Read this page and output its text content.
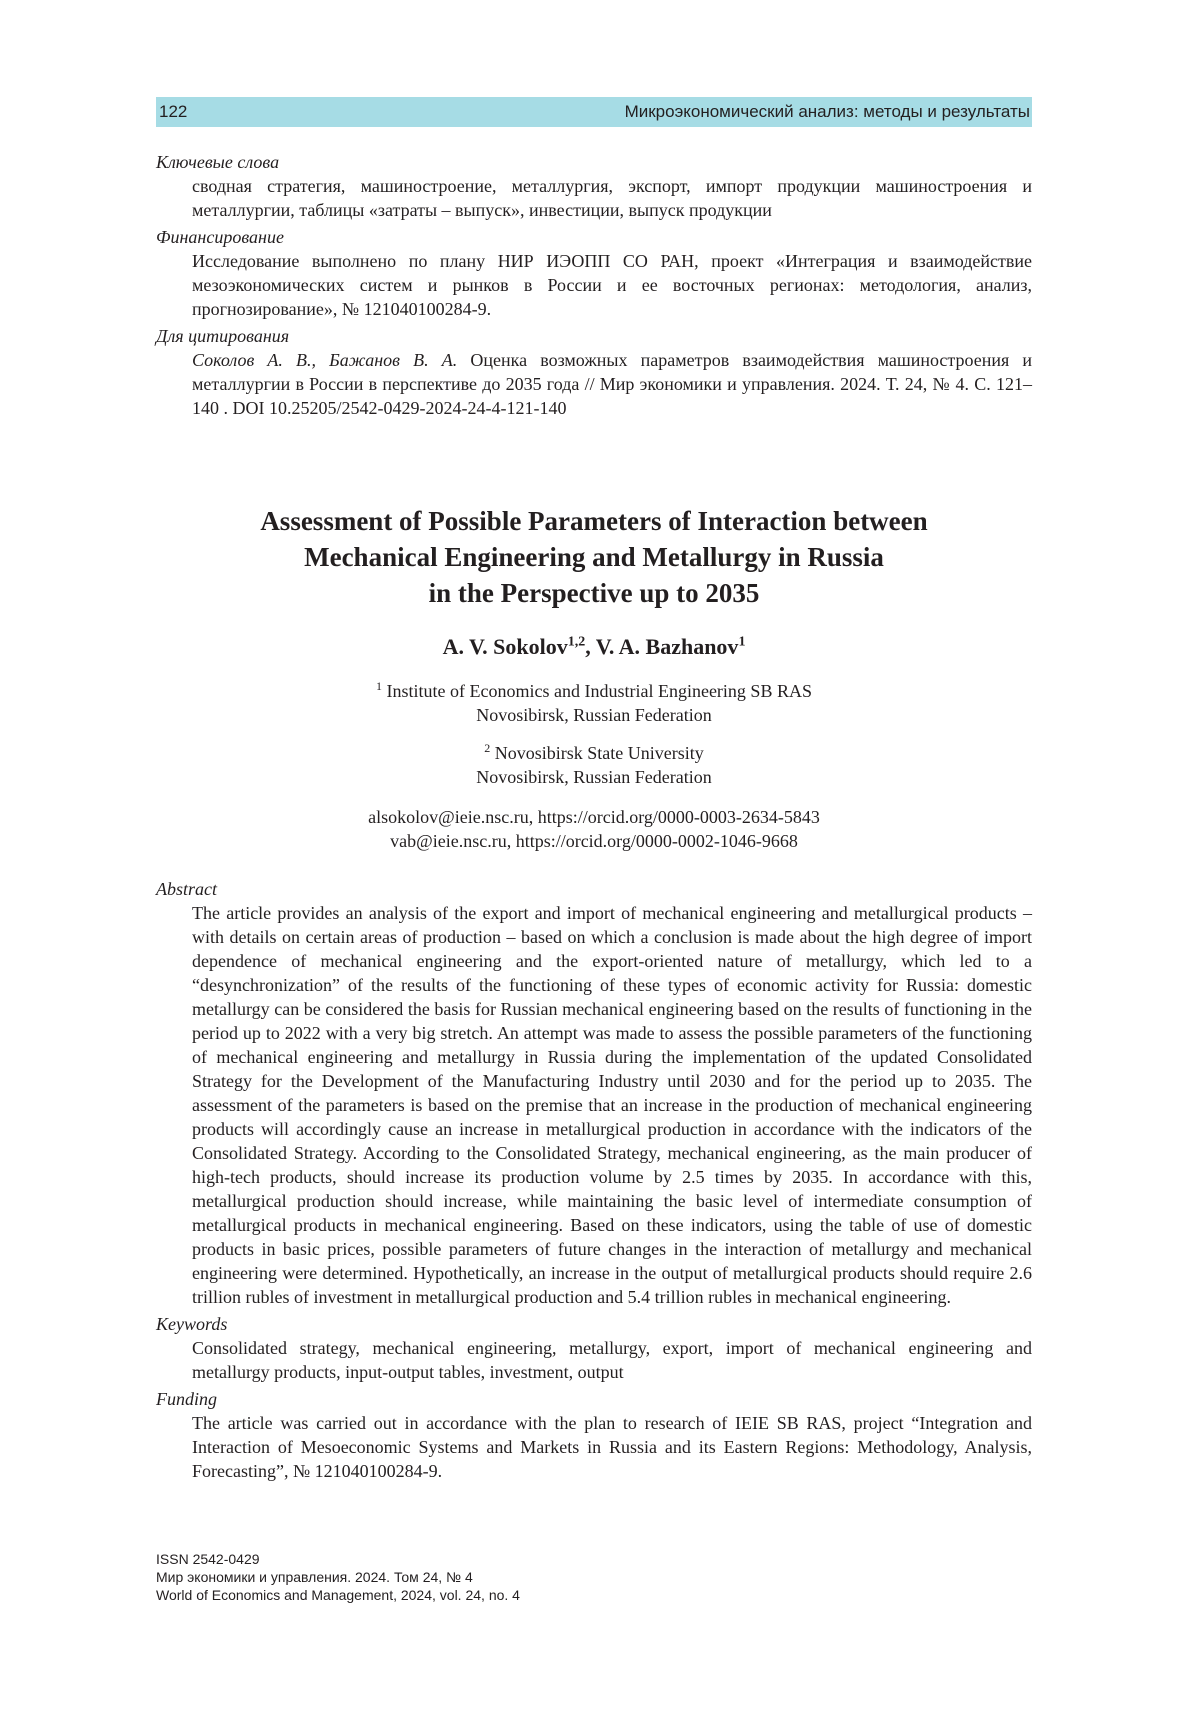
122	Микроэкономический анализ: методы и результаты

Ключевые слова

сводная стратегия, машиностроение, металлургия, экспорт, импорт продукции машиностроения и металлургии, таблицы «затраты – выпуск», инвестиции, выпуск продукции

Финансирование

Исследование выполнено по плану НИР ИЭОПП СО РАН, проект «Интеграция и взаимодействие мезоэкономических систем и рынков в России и ее восточных регионах: методология, анализ, прогнозирование», № 121040100284-9.

Для цитирования

Соколов А. В., Бажанов В. А. Оценка возможных параметров взаимодействия машиностроения и металлургии в России в перспективе до 2035 года // Мир экономики и управления. 2024. Т. 24, № 4. С. 121–140 . DOI 10.25205/2542-0429-2024-24-4-121-140

Assessment of Possible Parameters of Interaction between
Mechanical Engineering and Metallurgy in Russia
in the Perspective up to 2035

A. V. Sokolov$^{1,2}$, V. A. Bazhanov$^1$

$^1$ Institute of Economics and Industrial Engineering SB RAS
Novosibirsk, Russian Federation

$^2$ Novosibirsk State University
Novosibirsk, Russian Federation

alsokolov@ieie.nsc.ru, https://orcid.org/0000-0003-2634-5843
vab@ieie.nsc.ru, https://orcid.org/0000-0002-1046-9668

Abstract

The article provides an analysis of the export and import of mechanical engineering and metallurgical products – with details on certain areas of production – based on which a conclusion is made about the high degree of import dependence of mechanical engineering and the export-oriented nature of metallurgy, which led to a “desynchronization” of the results of the functioning of these types of economic activity for Russia: domestic metallurgy can be considered the basis for Russian mechanical engineering based on the results of functioning in the period up to 2022 with a very big stretch. An attempt was made to assess the possible parameters of the functioning of mechanical engineering and metallurgy in Russia during the implementation of the updated Consolidated Strategy for the Development of the Manufacturing Industry until 2030 and for the period up to 2035. The assessment of the parameters is based on the premise that an increase in the production of mechanical engineering products will accordingly cause an increase in metallurgical production in accordance with the indicators of the Consolidated Strategy. According to the Consolidated Strategy, mechanical engineering, as the main producer of high-tech products, should increase its production volume by 2.5 times by 2035. In accordance with this, metallurgical production should increase, while maintaining the basic level of intermediate consumption of metallurgical products in mechanical engineering. Based on these indicators, using the table of use of domestic products in basic prices, possible parameters of future changes in the interaction of metallurgy and mechanical engineering were determined. Hypothetically, an increase in the output of metallurgical products should require 2.6 trillion rubles of investment in metallurgical production and 5.4 trillion rubles in mechanical engineering.

Keywords

Consolidated strategy, mechanical engineering, metallurgy, export, import of mechanical engineering and metallurgy products, input-output tables, investment, output

Funding

The article was carried out in accordance with the plan to research of IEIE SB RAS, project “Integration and Interaction of Mesoeconomic Systems and Markets in Russia and its Eastern Regions: Methodology, Analysis, Forecasting”, № 121040100284-9.

ISSN 2542-0429
Мир экономики и управления. 2024. Том 24, № 4
World of Economics and Management, 2024, vol. 24, no. 4
